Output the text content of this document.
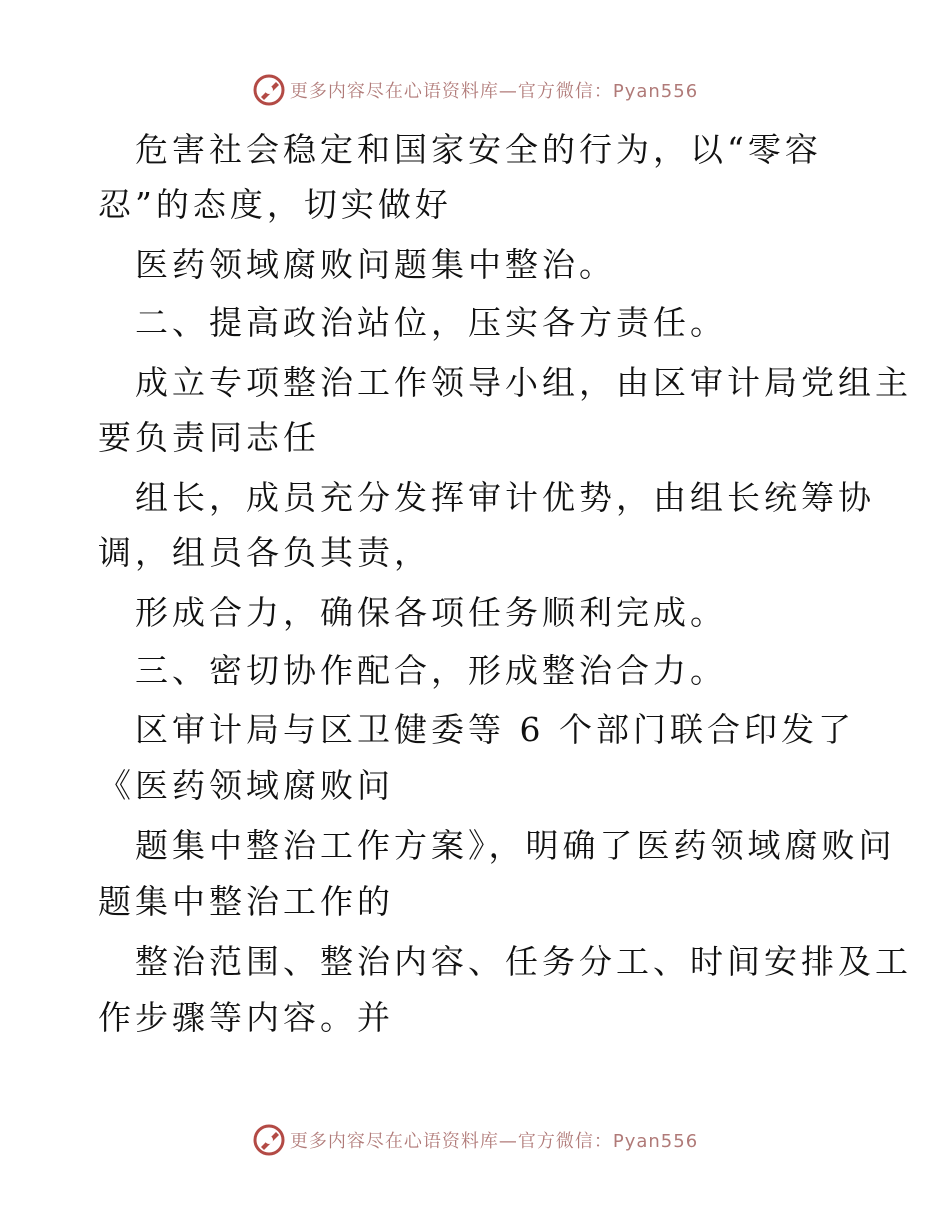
更多内容尽在心语资料库—官方微信：Pyan556
危害社会稳定和国家安全的行为，以“零容
忍”的态度，切实做好
医药领域腐败问题集中整治。
二、提高政治站位，压实各方责任。
成立专项整治工作领导小组，由区审计局党组主
要负责同志任
组长，成员充分发挥审计优势，由组长统筹协
调，组员各负其责，
形成合力，确保各项任务顺利完成。
三、密切协作配合，形成整治合力。
区审计局与区卫健委等 6 个部门联合印发了
《医药领域腐败问
题集中整治工作方案》，明确了医药领域腐败问
题集中整治工作的
整治范围、整治内容、任务分工、时间安排及工
作步骤等内容。并
更多内容尽在心语资料库—官方微信：Pyan556
